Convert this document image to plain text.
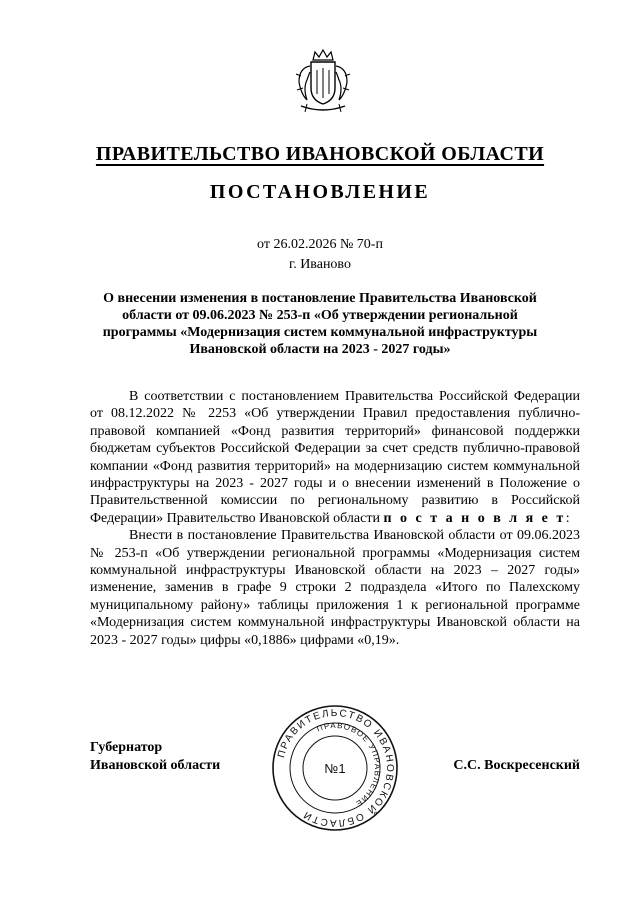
ПРАВИТЕЛЬСТВО ИВАНОВСКОЙ ОБЛАСТИ
ПОСТАНОВЛЕНИЕ
от 26.02.2026 № 70-п
г. Иваново
О внесении изменения в постановление Правительства Ивановской области от 09.06.2023 № 253-п «Об утверждении региональной программы «Модернизация систем коммунальной инфраструктуры Ивановской области на 2023 - 2027 годы»

В соответствии с постановлением Правительства Российской Федерации от 08.12.2022 № 2253 «Об утверждении Правил предоставления публично-правовой компанией «Фонд развития территорий» финансовой поддержки бюджетам субъектов Российской Федерации за счет средств публично-правовой компании «Фонд развития территорий» на модернизацию систем коммунальной инфраструктуры на 2023 - 2027 годы и о внесении изменений в Положение о Правительственной комиссии по региональному развитию в Российской Федерации» Правительство Ивановской области п о с т а н о в л я е т:

Внести в постановление Правительства Ивановской области от 09.06.2023 № 253-п «Об утверждении региональной программы «Модернизация систем коммунальной инфраструктуры Ивановской области на 2023 – 2027 годы» изменение, заменив в графе 9 строки 2 подраздела «Итого по Палехскому муниципальному району» таблицы приложения 1 к региональной программе «Модернизация систем коммунальной инфраструктуры Ивановской области на 2023 - 2027 годы» цифры «0,1886» цифрами «0,19».

ПРАВИТЕЛЬСТВО ИВАНОВСКОЙ ОБЛАСТИ
ПРАВОВОЕ УПРАВЛЕНИЕ
№1
Губернатор
Ивановской области	С.С. Воскресенский
